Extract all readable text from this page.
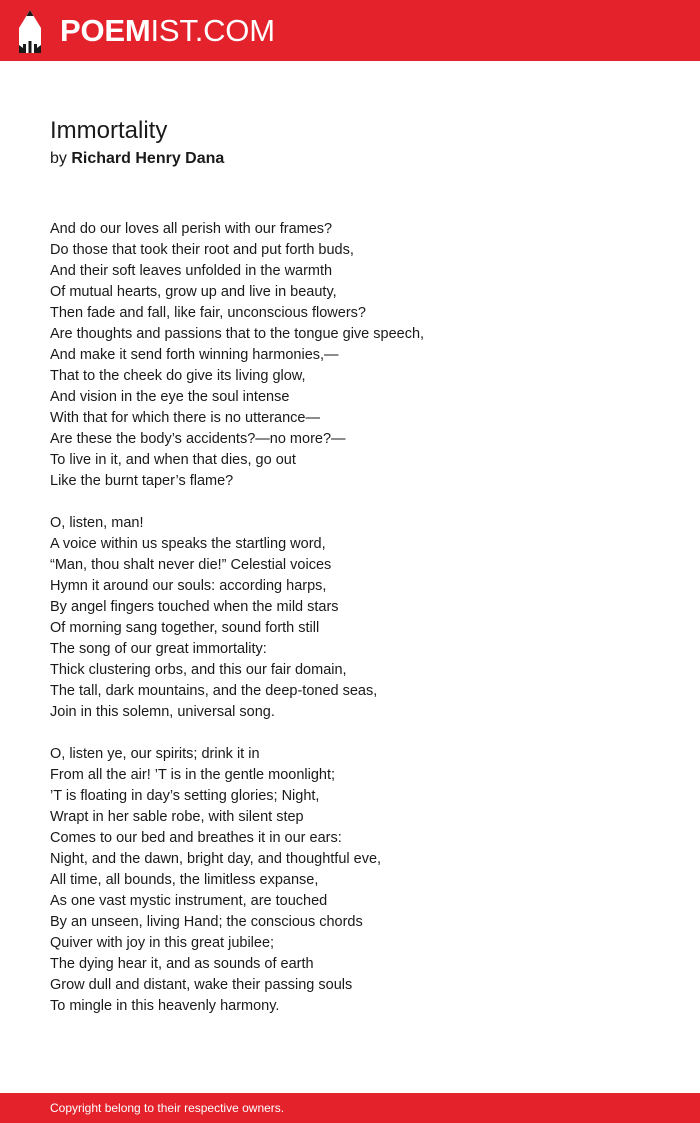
POEMIST.COM
Immortality
by Richard Henry Dana
And do our loves all perish with our frames?
Do those that took their root and put forth buds,
And their soft leaves unfolded in the warmth
Of mutual hearts, grow up and live in beauty,
Then fade and fall, like fair, unconscious flowers?
Are thoughts and passions that to the tongue give speech,
And make it send forth winning harmonies,—
That to the cheek do give its living glow,
And vision in the eye the soul intense
With that for which there is no utterance—
Are these the body’s accidents?—no more?—
To live in it, and when that dies, go out
Like the burnt taper’s flame?
O, listen, man!
A voice within us speaks the startling word,
“Man, thou shalt never die!” Celestial voices
Hymn it around our souls: according harps,
By angel fingers touched when the mild stars
Of morning sang together, sound forth still
The song of our great immortality:
Thick clustering orbs, and this our fair domain,
The tall, dark mountains, and the deep-toned seas,
Join in this solemn, universal song.
O, listen ye, our spirits; drink it in
From all the air! ’T is in the gentle moonlight;
’T is floating in day’s setting glories; Night,
Wrapt in her sable robe, with silent step
Comes to our bed and breathes it in our ears:
Night, and the dawn, bright day, and thoughtful eve,
All time, all bounds, the limitless expanse,
As one vast mystic instrument, are touched
By an unseen, living Hand; the conscious chords
Quiver with joy in this great jubilee;
The dying hear it, and as sounds of earth
Grow dull and distant, wake their passing souls
To mingle in this heavenly harmony.
Copyright belong to their respective owners.
